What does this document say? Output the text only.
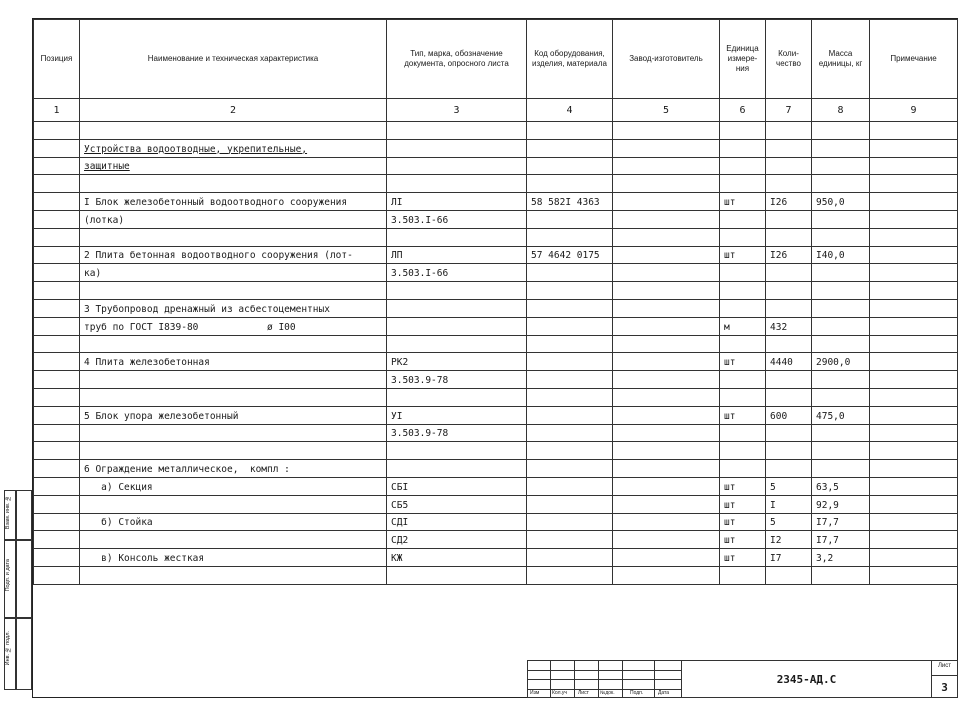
Позиция	Наименование и техническая характеристика	Тип, марка, обозначение документа, опросного листа	Код оборудования, изделия, материала	Завод-изготовитель	Единица измере-ния	Коли-чество	Масса единицы, кг	Примечание
1	2	3	4	5	6	7	8	9

	Устройства водоотводные, укрепительные,							
	защитные							

	I Блок железобетонный водоотводного сооружения	ЛI	58 582I 4363		шт	I26	950,0	
	(лотка)	3.503.I-66						

	2 Плита бетонная водоотводного сооружения (лот-	ЛП	57 4642 0175		шт	I26	I40,0	
	ка)	3.503.I-66						

	3 Трубопровод дренажный из асбестоцементных							
	труб по ГОСТ I839-80            ø I00				м	432		

	4 Плита железобетонная	РК2			шт	4440	2900,0	
		3.503.9-78						

	5 Блок упора железобетонный	УI			шт	600	475,0	
		3.503.9-78						

	6 Ограждение металлическое,  компл :							
	а) Секция	СБI			шт	5	63,5	
		СБ5			шт	I	92,9	
	б) Стойка	СДI			шт	5	I7,7	
		СД2			шт	I2	I7,7	
	в) Консоль жесткая	КЖ			шт	I7	3,2	

Взам. инв. №
Подп. и дата
Инв. № подл.
Изм	Кол.уч Лист №док.	Подп.	Дата
2345-АД.С
Лист
3
